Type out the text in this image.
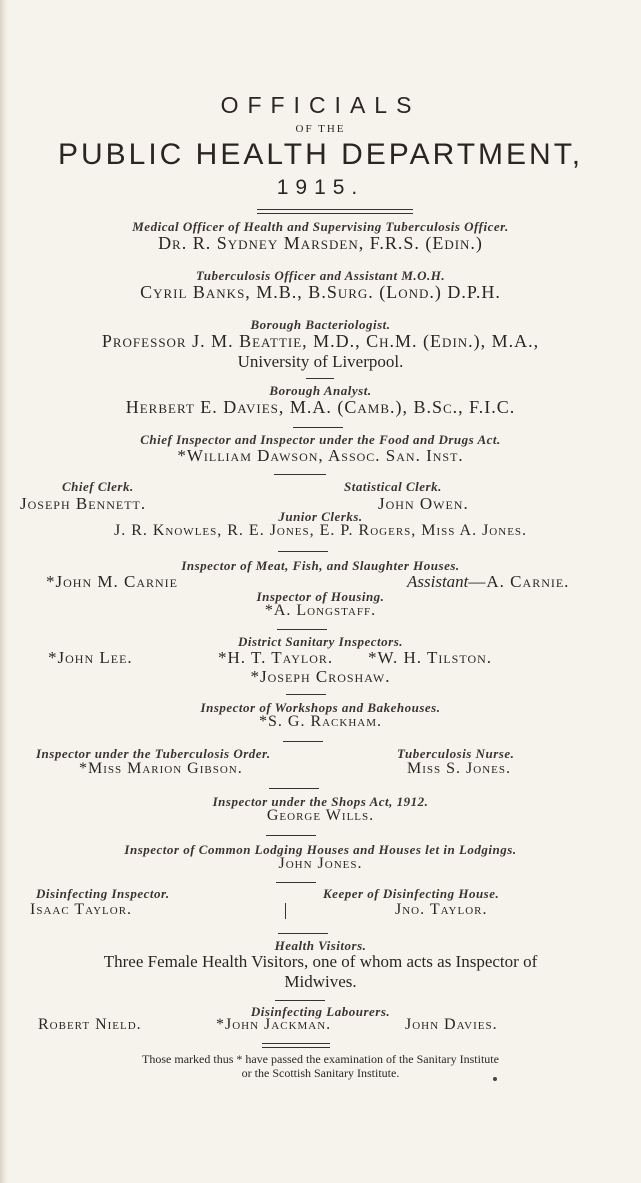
OFFICIALS
OF THE
PUBLIC HEALTH DEPARTMENT,
1915.
Medical Officer of Health and Supervising Tuberculosis Officer.
Dr. R. Sydney Marsden, F.R.S. (Edin.)
Tuberculosis Officer and Assistant M.O.H.
Cyril Banks, M.B., B.Surg. (Lond.) D.P.H.
Borough Bacteriologist.
Professor J. M. Beattie, M.D., Ch.M. (Edin.), M.A.,
University of Liverpool.
Borough Analyst.
Herbert E. Davies, M.A. (Camb.), B.Sc., F.I.C.
Chief Inspector and Inspector under the Food and Drugs Act.
*William Dawson, Assoc. San. Inst.
Chief Clerk.
Joseph Bennett.
Statistical Clerk.
John Owen.
Junior Clerks.
J. R. Knowles, R. E. Jones, E. P. Rogers, Miss A. Jones.
Inspector of Meat, Fish, and Slaughter Houses.
*John M. Carnie	Assistant—A. Carnie.
Inspector of Housing.
*A. Longstaff.
District Sanitary Inspectors.
*John Lee.	*H. T. Taylor. *W. H. Tilston.
*Joseph Croshaw.
Inspector of Workshops and Bakehouses.
*S. G. Rackham.
Inspector under the Tuberculosis Order.
*Miss Marion Gibson.
Tuberculosis Nurse.
Miss S. Jones.
Inspector under the Shops Act, 1912.
George Wills.
Inspector of Common Lodging Houses and Houses let in Lodgings.
John Jones.
Disinfecting Inspector.
Isaac Taylor.
Keeper of Disinfecting House.
Jno. Taylor.
Health Visitors.
Three Female Health Visitors, one of whom acts as Inspector of
Midwives.
Disinfecting Labourers.
Robert Nield.	*John Jackman.	John Davies.
Those marked thus * have passed the examination of the Sanitary Institute
or the Scottish Sanitary Institute.
